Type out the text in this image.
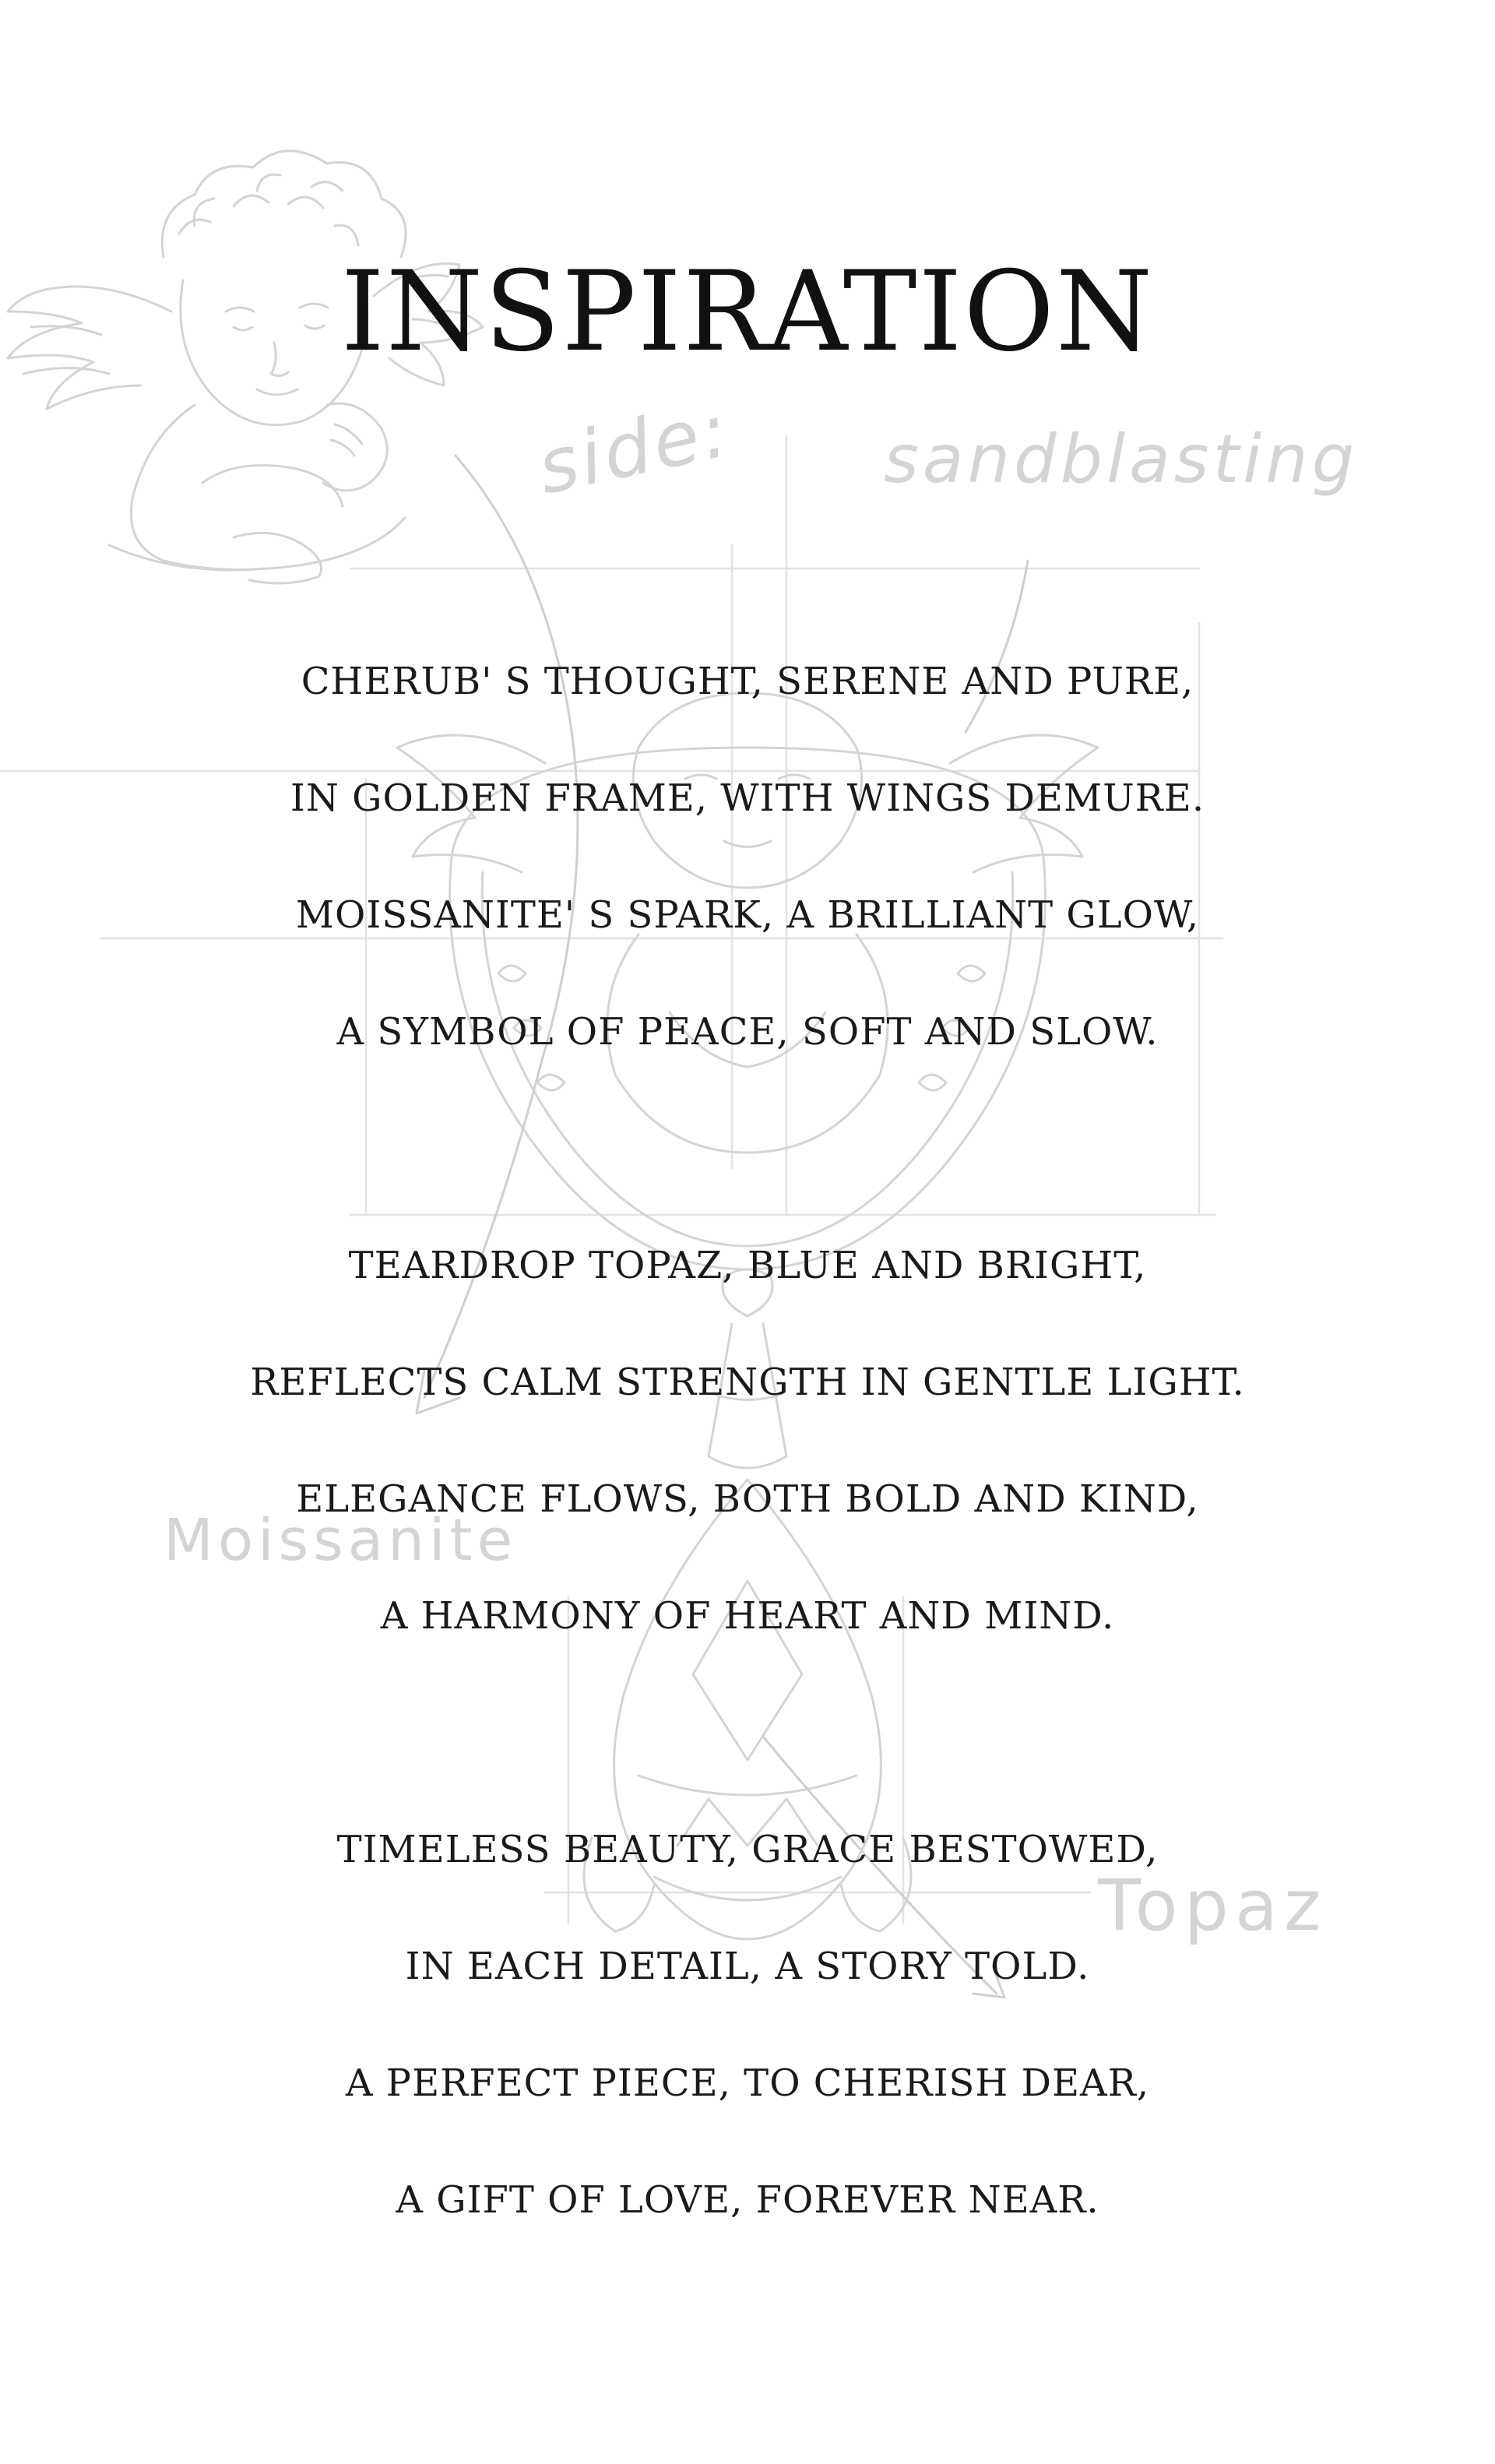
side: sandblasting
Moissanite
Topaz
INSPIRATION
CHERUB' S THOUGHT, SERENE AND PURE,
IN GOLDEN FRAME, WITH WINGS DEMURE.
MOISSANITE' S SPARK, A BRILLIANT GLOW,
A SYMBOL OF PEACE, SOFT AND SLOW.
TEARDROP TOPAZ, BLUE AND BRIGHT,
REFLECTS CALM STRENGTH IN GENTLE LIGHT.
ELEGANCE FLOWS, BOTH BOLD AND KIND,
A HARMONY OF HEART AND MIND.
TIMELESS BEAUTY, GRACE BESTOWED,
IN EACH DETAIL, A STORY TOLD.
A PERFECT PIECE, TO CHERISH DEAR,
A GIFT OF LOVE, FOREVER NEAR.
